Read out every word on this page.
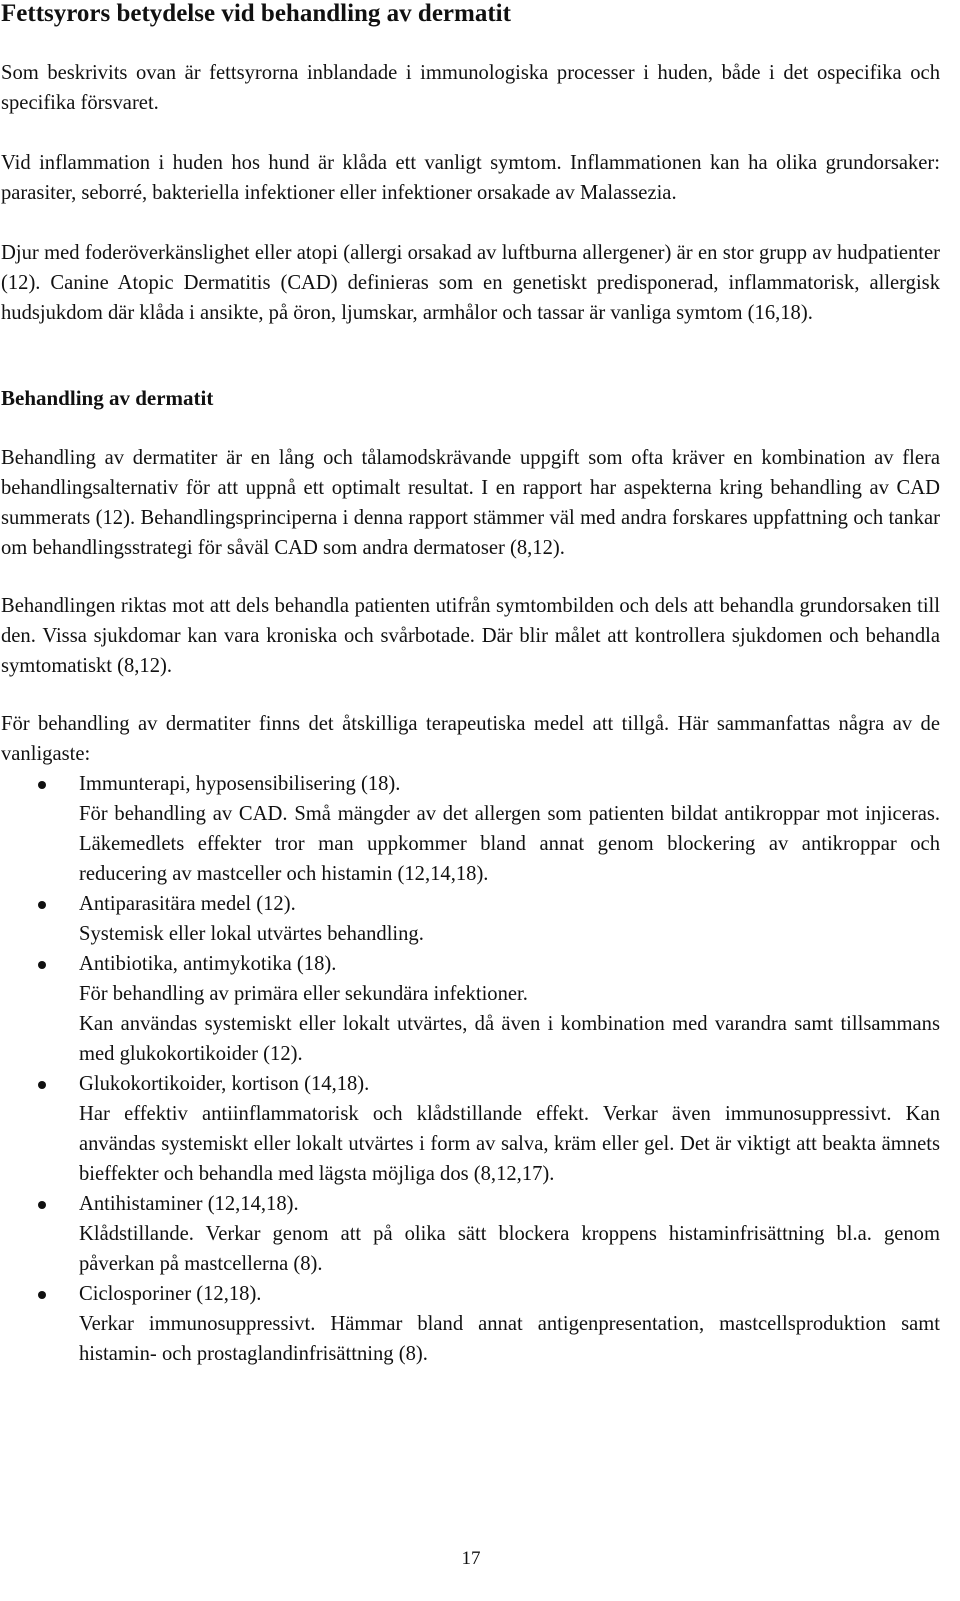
Fettsyrors betydelse vid behandling av dermatit

Som beskrivits ovan är fettsyrorna inblandade i immunologiska processer i huden, både i det ospecifika och specifika försvaret.

Vid inflammation i huden hos hund är klåda ett vanligt symtom. Inflammationen kan ha olika grundorsaker: parasiter, seborré, bakteriella infektioner eller infektioner orsakade av Malassezia.

Djur med foderöverkänslighet eller atopi (allergi orsakad av luftburna allergener) är en stor grupp av hudpatienter (12). Canine Atopic Dermatitis (CAD) definieras som en genetiskt predisponerad, inflammatorisk, allergisk hudsjukdom där klåda i ansikte, på öron, ljumskar, armhålor och tassar är vanliga symtom (16,18).

Behandling av dermatit

Behandling av dermatiter är en lång och tålamodskrävande uppgift som ofta kräver en kombination av flera behandlingsalternativ för att uppnå ett optimalt resultat. I en rapport har aspekterna kring behandling av CAD summerats (12). Behandlingsprinciperna i denna rapport stämmer väl med andra forskares uppfattning och tankar om behandlingsstrategi för såväl CAD som andra dermatoser (8,12).

Behandlingen riktas mot att dels behandla patienten utifrån symtombilden och dels att behandla grundorsaken till den. Vissa sjukdomar kan vara kroniska och svårbotade. Där blir målet att kontrollera sjukdomen och behandla symtomatiskt (8,12).

För behandling av dermatiter finns det åtskilliga terapeutiska medel att tillgå. Här sammanfattas några av de vanligaste:

Immunterapi, hyposensibilisering (18).

För behandling av CAD. Små mängder av det allergen som patienten bildat antikroppar mot injiceras. Läkemedlets effekter tror man uppkommer bland annat genom blockering av antikroppar och reducering av mastceller och histamin (12,14,18).

Antiparasitära medel (12).

Systemisk eller lokal utvärtes behandling.

Antibiotika, antimykotika (18).

För behandling av primära eller sekundära infektioner.

Kan användas systemiskt eller lokalt utvärtes, då även i kombination med varandra samt tillsammans med glukokortikoider (12).

Glukokortikoider, kortison (14,18).

Har effektiv antiinflammatorisk och klådstillande effekt. Verkar även immunosuppressivt. Kan användas systemiskt eller lokalt utvärtes i form av salva, kräm eller gel. Det är viktigt att beakta ämnets bieffekter och behandla med lägsta möjliga dos (8,12,17).

Antihistaminer (12,14,18).

Klådstillande. Verkar genom att på olika sätt blockera kroppens histaminfrisättning bl.a. genom påverkan på mastcellerna (8).

Ciclosporiner (12,18).

Verkar immunosuppressivt. Hämmar bland annat antigenpresentation, mastcellsproduktion samt histamin- och prostaglandinfrisättning (8).

17
